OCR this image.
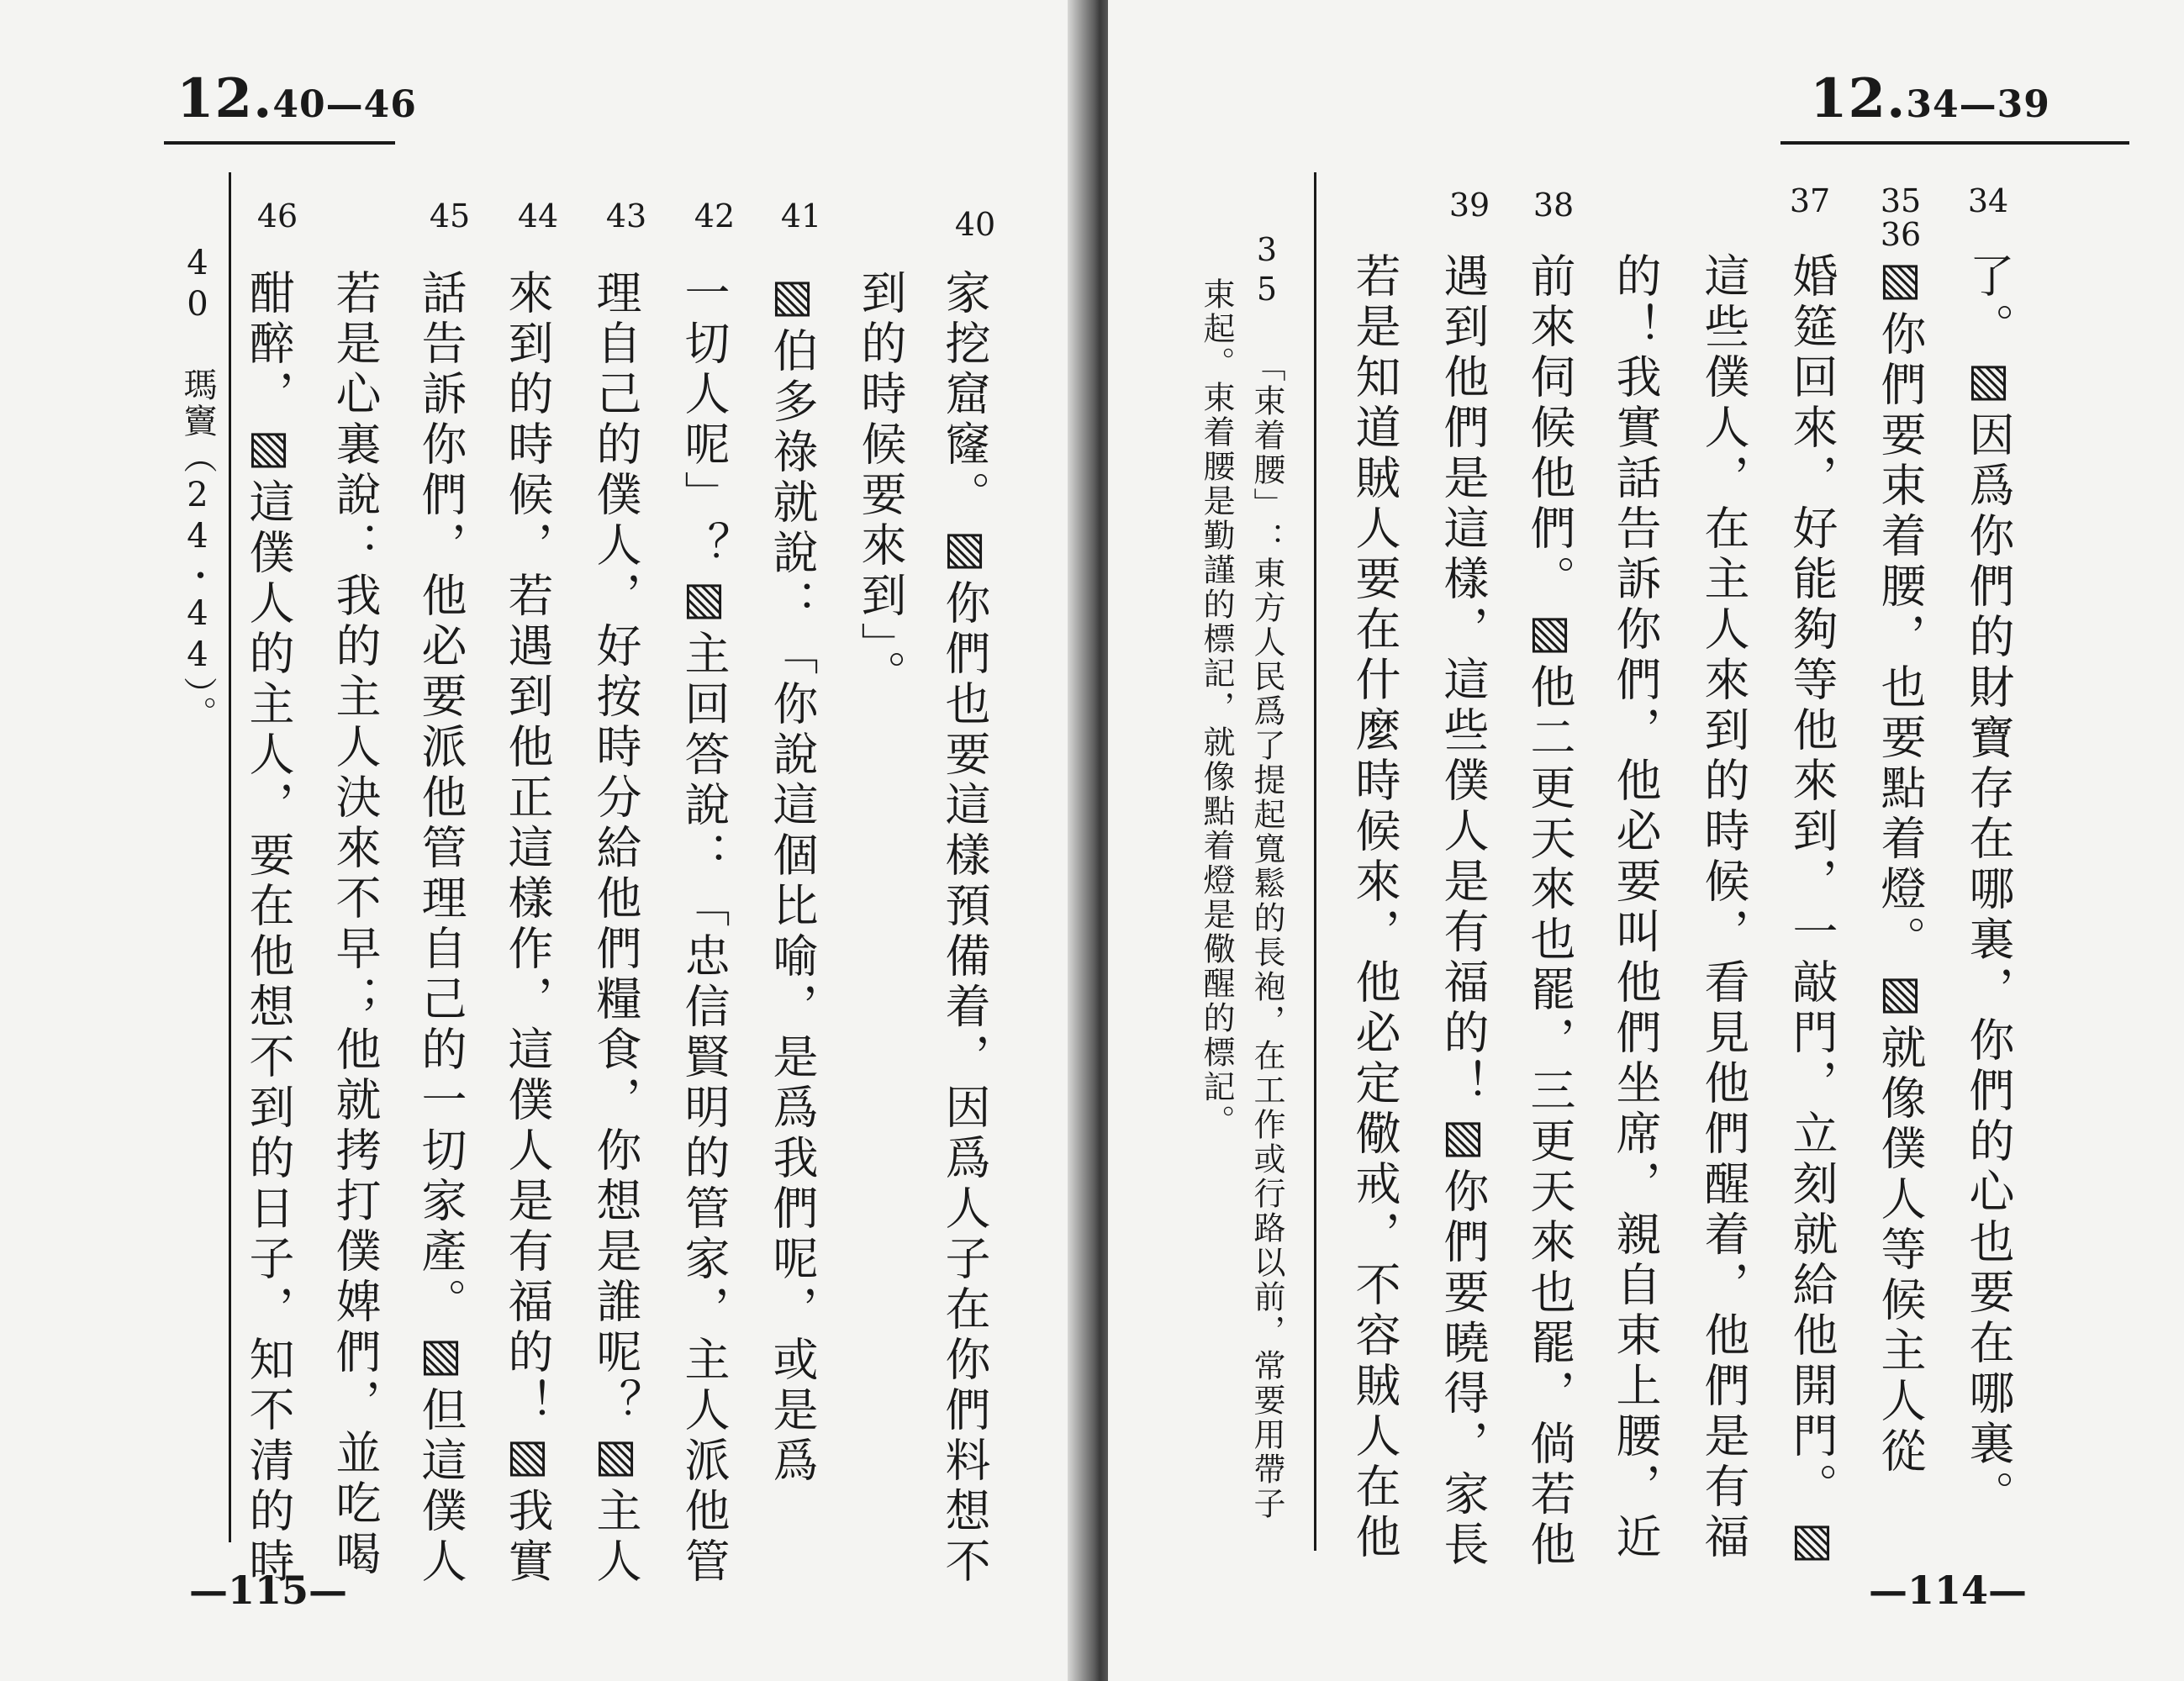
12.40—46
40
41
42
43
44
45
46
家挖窟窿。▧你們也要這樣預備着，因爲人子在你們料想不
到的時候要來到」。
▧伯多祿就說：「你說這個比喻，是爲我們呢，或是爲
一切人呢」？▧主回答說：「忠信賢明的管家，主人派他管
理自己的僕人，好按時分給他們糧食，你想是誰呢？▧主人
來到的時候，若遇到他正這樣作，這僕人是有福的！▧我實
話告訴你們，他必要派他管理自己的一切家產。▧但這僕人
若是心裏說：我的主人決來不早；他就拷打僕婢們，並吃喝
酣醉，▧這僕人的主人，要在他想不到的日子，知不清的時
40 瑪竇（24・44）。
—115—
12.34—39
34
35
36
37
38
39
了。▧因爲你們的財寶存在哪裏，你們的心也要在哪裏。
▧你們要束着腰，也要點着燈。▧就像僕人等候主人從
婚筵回來，好能夠等他來到，一敲門，立刻就給他開門。▧
這些僕人，在主人來到的時候，看見他們醒着，他們是有福
的！我實話告訴你們，他必要叫他們坐席，親自束上腰，近
前來伺候他們。▧他二更天來也罷，三更天來也罷，倘若他
遇到他們是這樣，這些僕人是有福的！▧你們要曉得，家長
若是知道賊人要在什麼時候來，他必定儆戒，不容賊人在他
35 「束着腰」：東方人民爲了提起寬鬆的長袍，在工作或行路以前，常要用帶子
束起。束着腰是勤謹的標記，就像點着燈是儆醒的標記。
—114—
